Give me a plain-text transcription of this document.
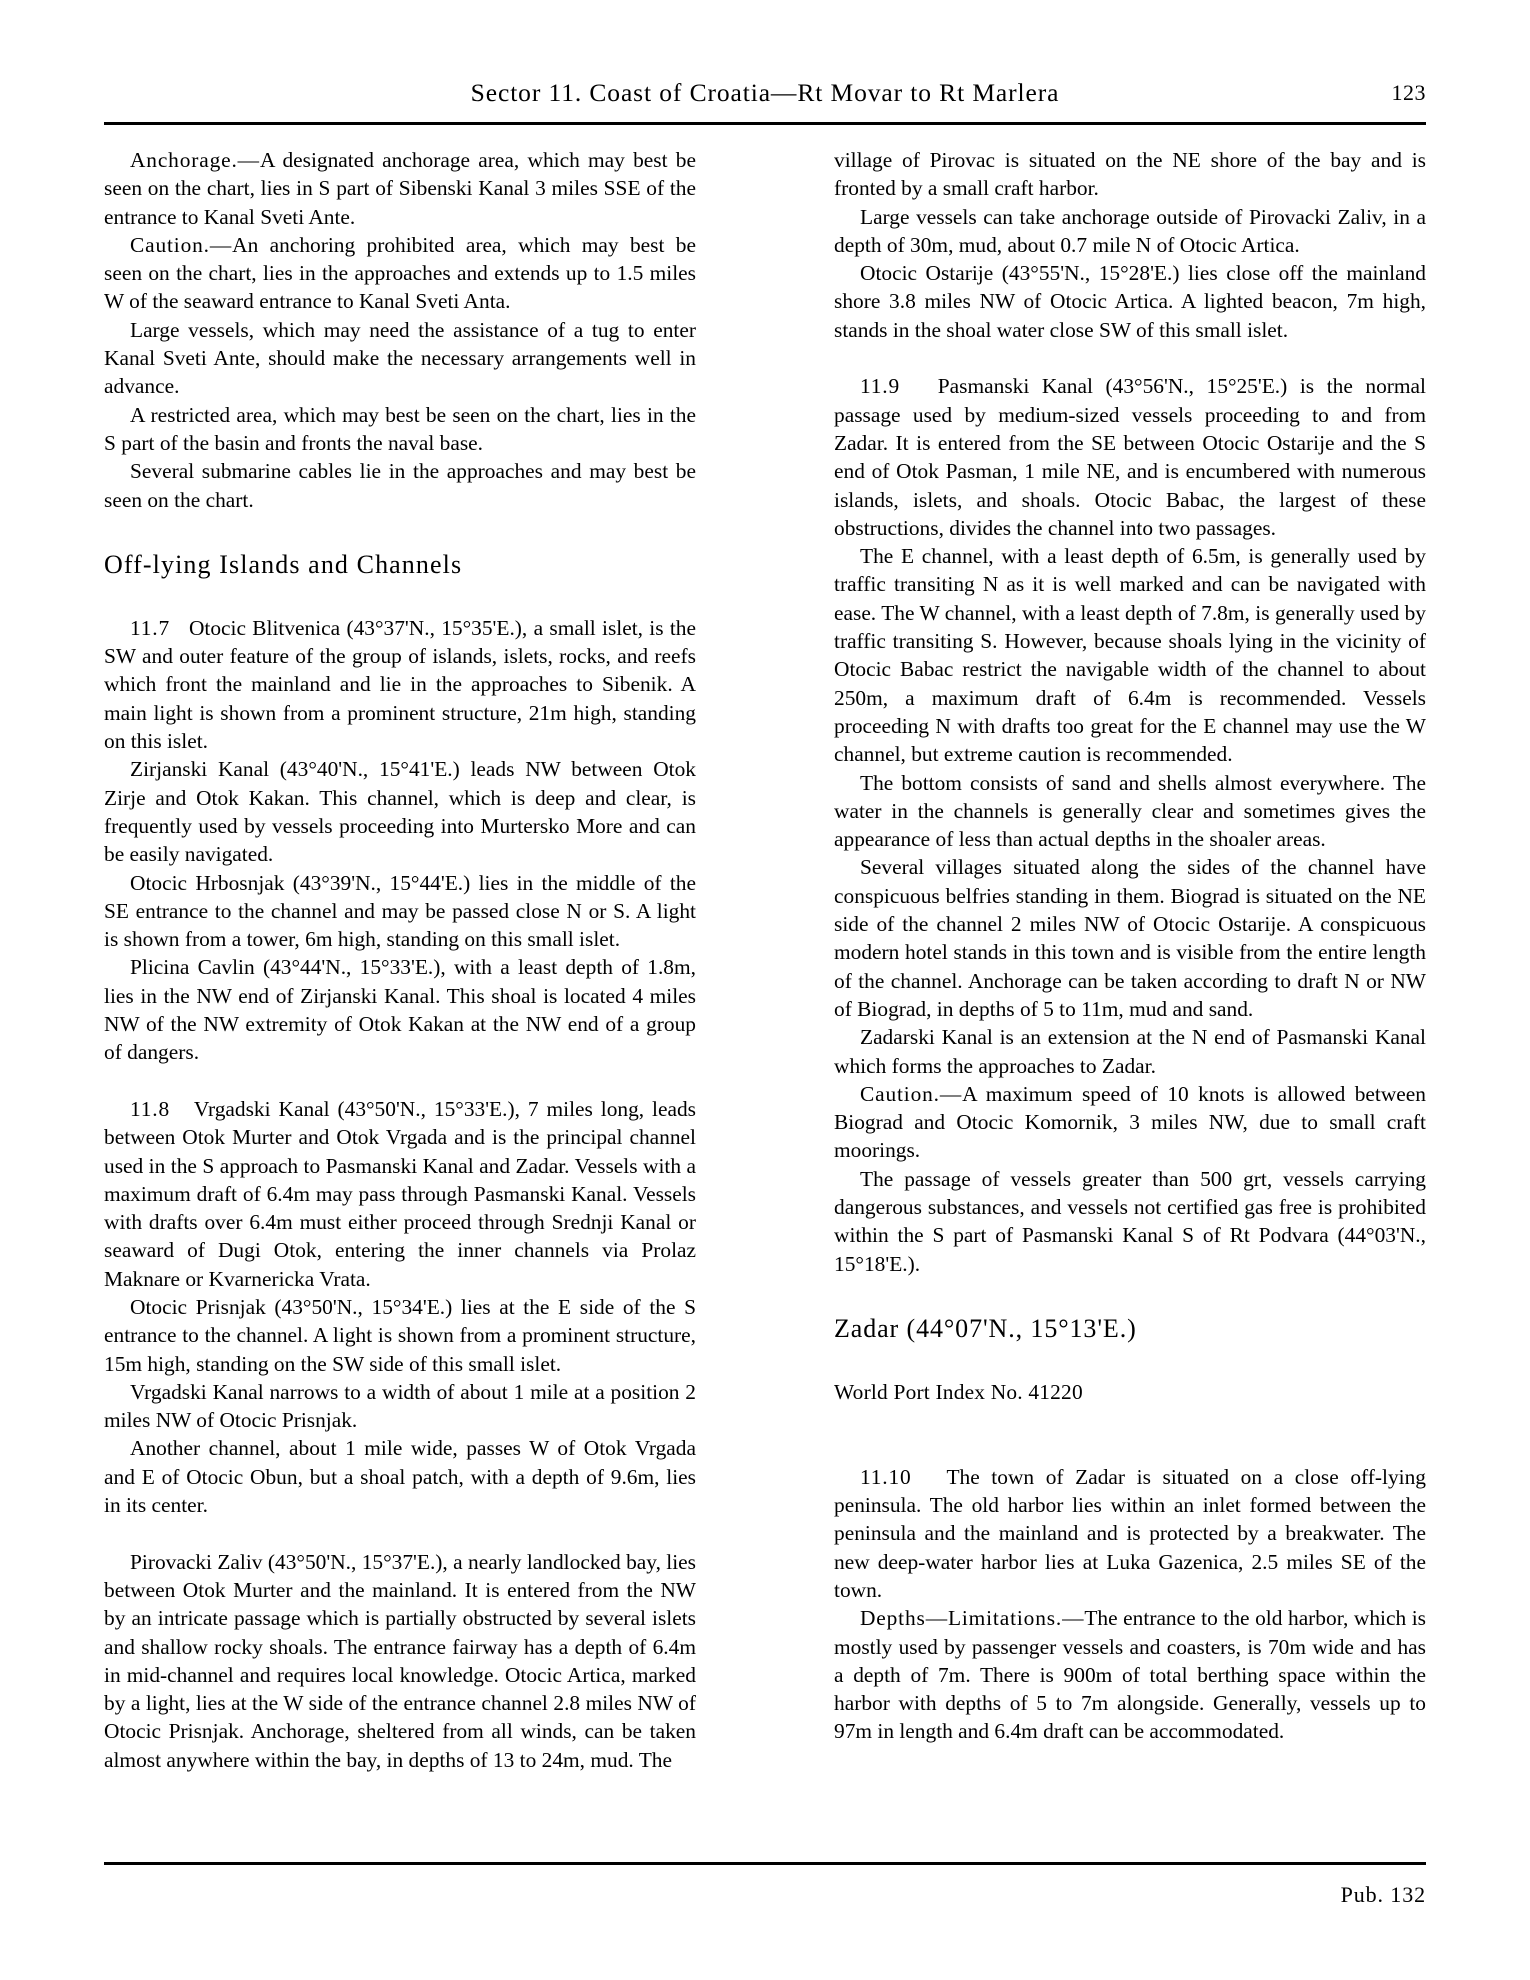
Sector 11. Coast of Croatia—Rt Movar to Rt Marlera	123

Anchorage.—A designated anchorage area, which may best be seen on the chart, lies in S part of Sibenski Kanal 3 miles SSE of the entrance to Kanal Sveti Ante.

Caution.—An anchoring prohibited area, which may best be seen on the chart, lies in the approaches and extends up to 1.5 miles W of the seaward entrance to Kanal Sveti Anta.

Large vessels, which may need the assistance of a tug to enter Kanal Sveti Ante, should make the necessary arrangements well in advance.

A restricted area, which may best be seen on the chart, lies in the S part of the basin and fronts the naval base.

Several submarine cables lie in the approaches and may best be seen on the chart.

Off-lying Islands and Channels

11.7 Otocic Blitvenica (43°37'N., 15°35'E.), a small islet, is the SW and outer feature of the group of islands, islets, rocks, and reefs which front the mainland and lie in the approaches to Sibenik. A main light is shown from a prominent structure, 21m high, standing on this islet.

Zirjanski Kanal (43°40'N., 15°41'E.) leads NW between Otok Zirje and Otok Kakan. This channel, which is deep and clear, is frequently used by vessels proceeding into Murtersko More and can be easily navigated.

Otocic Hrbosnjak (43°39'N., 15°44'E.) lies in the middle of the SE entrance to the channel and may be passed close N or S. A light is shown from a tower, 6m high, standing on this small islet.

Plicina Cavlin (43°44'N., 15°33'E.), with a least depth of 1.8m, lies in the NW end of Zirjanski Kanal. This shoal is located 4 miles NW of the NW extremity of Otok Kakan at the NW end of a group of dangers.

11.8 Vrgadski Kanal (43°50'N., 15°33'E.), 7 miles long, leads between Otok Murter and Otok Vrgada and is the principal channel used in the S approach to Pasmanski Kanal and Zadar. Vessels with a maximum draft of 6.4m may pass through Pasmanski Kanal. Vessels with drafts over 6.4m must either proceed through Srednji Kanal or seaward of Dugi Otok, entering the inner channels via Prolaz Maknare or Kvarnericka Vrata.

Otocic Prisnjak (43°50'N., 15°34'E.) lies at the E side of the S entrance to the channel. A light is shown from a prominent structure, 15m high, standing on the SW side of this small islet.

Vrgadski Kanal narrows to a width of about 1 mile at a position 2 miles NW of Otocic Prisnjak.

Another channel, about 1 mile wide, passes W of Otok Vrgada and E of Otocic Obun, but a shoal patch, with a depth of 9.6m, lies in its center.

Pirovacki Zaliv (43°50'N., 15°37'E.), a nearly landlocked bay, lies between Otok Murter and the mainland. It is entered from the NW by an intricate passage which is partially obstructed by several islets and shallow rocky shoals. The entrance fairway has a depth of 6.4m in mid-channel and requires local knowledge. Otocic Artica, marked by a light, lies at the W side of the entrance channel 2.8 miles NW of Otocic Prisnjak. Anchorage, sheltered from all winds, can be taken almost anywhere within the bay, in depths of 13 to 24m, mud. The

village of Pirovac is situated on the NE shore of the bay and is fronted by a small craft harbor.

Large vessels can take anchorage outside of Pirovacki Zaliv, in a depth of 30m, mud, about 0.7 mile N of Otocic Artica.

Otocic Ostarije (43°55'N., 15°28'E.) lies close off the mainland shore 3.8 miles NW of Otocic Artica. A lighted beacon, 7m high, stands in the shoal water close SW of this small islet.

11.9 Pasmanski Kanal (43°56'N., 15°25'E.) is the normal passage used by medium-sized vessels proceeding to and from Zadar. It is entered from the SE between Otocic Ostarije and the S end of Otok Pasman, 1 mile NE, and is encumbered with numerous islands, islets, and shoals. Otocic Babac, the largest of these obstructions, divides the channel into two passages.

The E channel, with a least depth of 6.5m, is generally used by traffic transiting N as it is well marked and can be navigated with ease. The W channel, with a least depth of 7.8m, is generally used by traffic transiting S. However, because shoals lying in the vicinity of Otocic Babac restrict the navigable width of the channel to about 250m, a maximum draft of 6.4m is recommended. Vessels proceeding N with drafts too great for the E channel may use the W channel, but extreme caution is recommended.

The bottom consists of sand and shells almost everywhere. The water in the channels is generally clear and sometimes gives the appearance of less than actual depths in the shoaler areas.

Several villages situated along the sides of the channel have conspicuous belfries standing in them. Biograd is situated on the NE side of the channel 2 miles NW of Otocic Ostarije. A conspicuous modern hotel stands in this town and is visible from the entire length of the channel. Anchorage can be taken according to draft N or NW of Biograd, in depths of 5 to 11m, mud and sand.

Zadarski Kanal is an extension at the N end of Pasmanski Kanal which forms the approaches to Zadar.

Caution.—A maximum speed of 10 knots is allowed between Biograd and Otocic Komornik, 3 miles NW, due to small craft moorings.

The passage of vessels greater than 500 grt, vessels carrying dangerous substances, and vessels not certified gas free is prohibited within the S part of Pasmanski Kanal S of Rt Podvara (44°03'N., 15°18'E.).

Zadar (44°07'N., 15°13'E.)
World Port Index No. 41220

11.10 The town of Zadar is situated on a close off-lying peninsula. The old harbor lies within an inlet formed between the peninsula and the mainland and is protected by a breakwater. The new deep-water harbor lies at Luka Gazenica, 2.5 miles SE of the town.

Depths—Limitations.—The entrance to the old harbor, which is mostly used by passenger vessels and coasters, is 70m wide and has a depth of 7m. There is 900m of total berthing space within the harbor with depths of 5 to 7m alongside. Generally, vessels up to 97m in length and 6.4m draft can be accommodated.

Pub. 132
